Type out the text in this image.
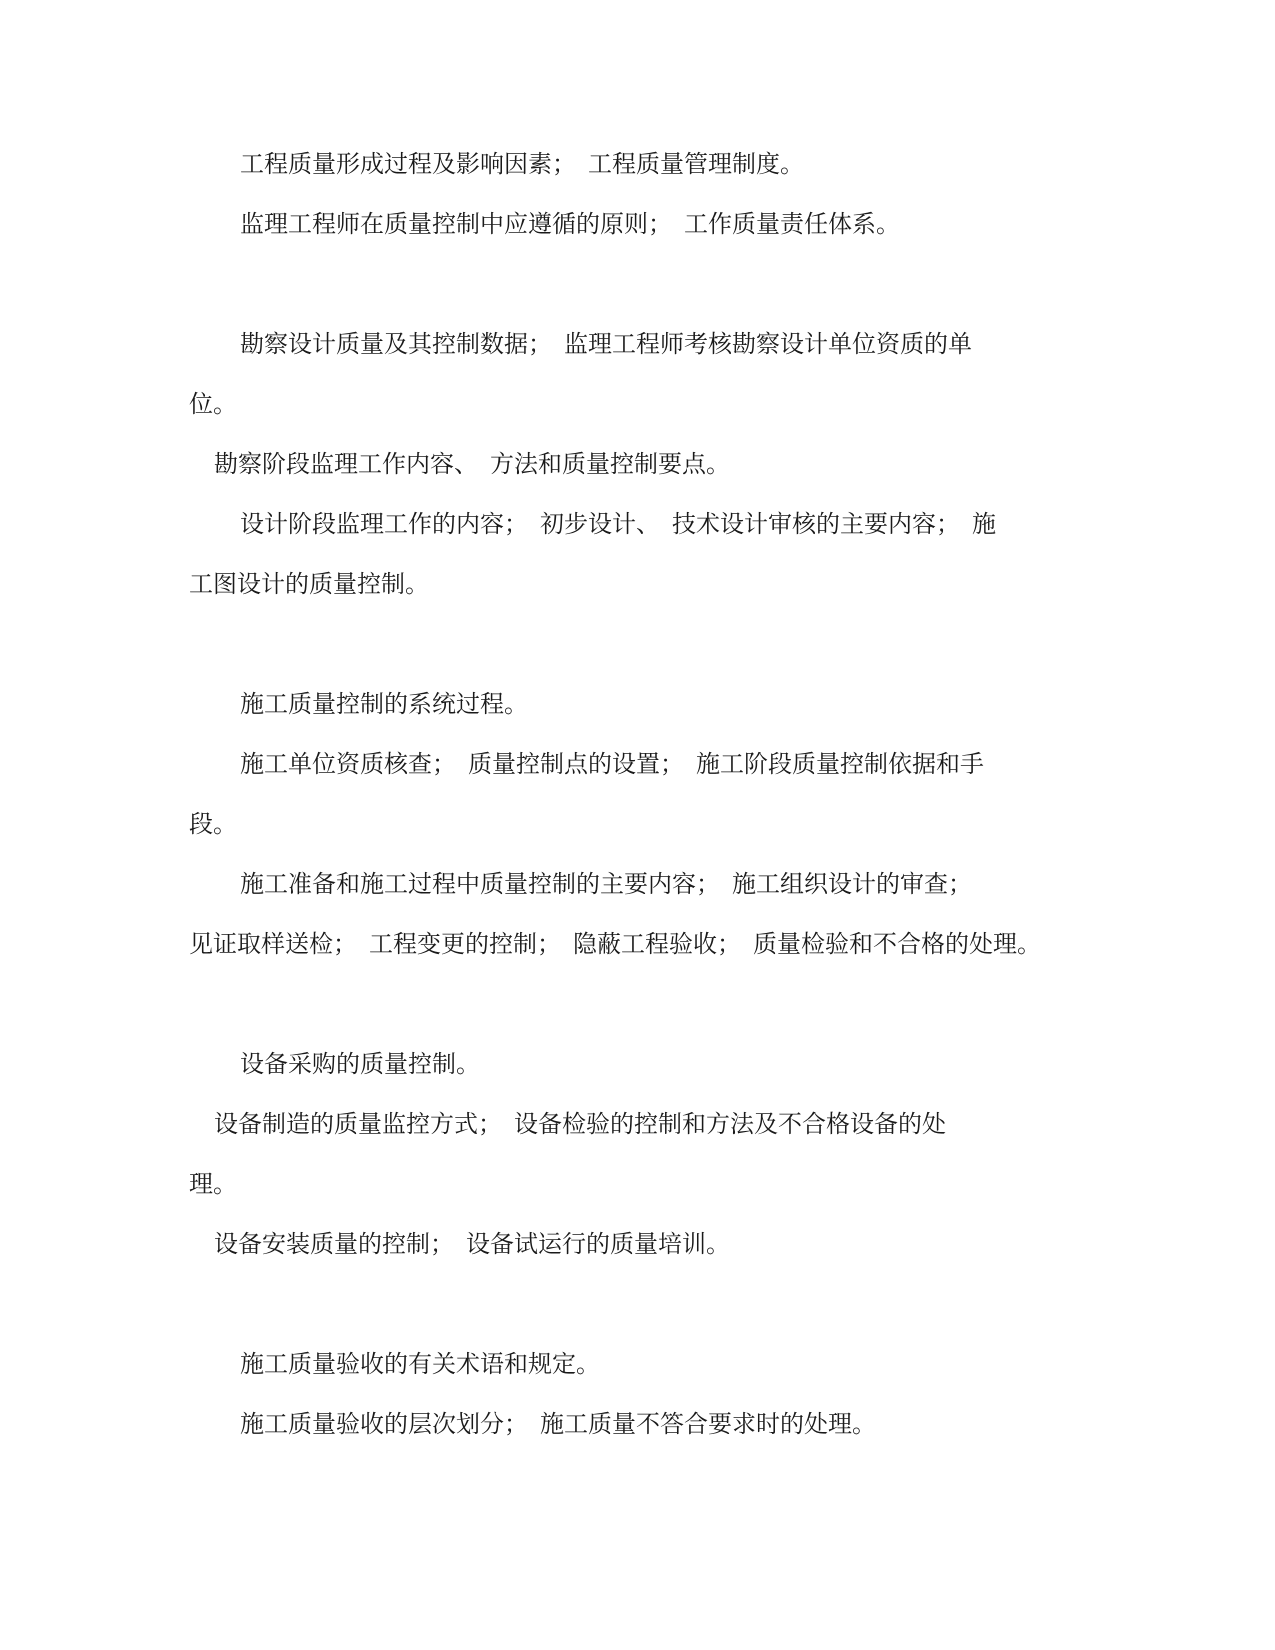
工程质量形成过程及影响因素；　工程质量管理制度。
监理工程师在质量控制中应遵循的原则；　工作质量责任体系。
勘察设计质量及其控制数据；　监理工程师考核勘察设计单位资质的单
位。
勘察阶段监理工作内容、　方法和质量控制要点。
设计阶段监理工作的内容；　初步设计、　技术设计审核的主要内容；　施
工图设计的质量控制。
施工质量控制的系统过程。
施工单位资质核查；　质量控制点的设置；　施工阶段质量控制依据和手
段。
施工准备和施工过程中质量控制的主要内容；　施工组织设计的审查；
见证取样送检；　工程变更的控制；　隐蔽工程验收；　质量检验和不合格的处理。
设备采购的质量控制。
设备制造的质量监控方式；　设备检验的控制和方法及不合格设备的处
理。
设备安装质量的控制；　设备试运行的质量培训。
施工质量验收的有关术语和规定。
施工质量验收的层次划分；　施工质量不答合要求时的处理。
